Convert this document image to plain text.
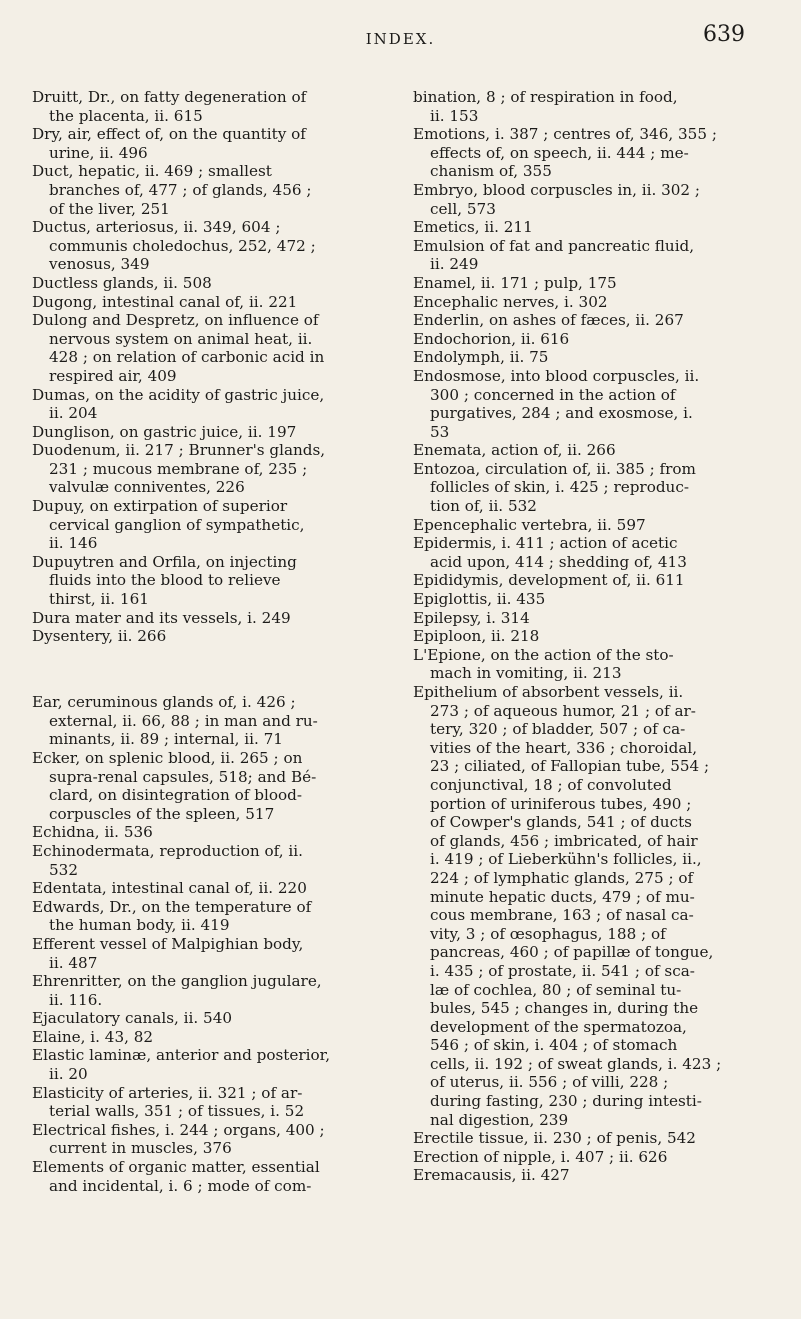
INDEX.	639

Druitt, Dr., on fatty degeneration of
the placenta, ii. 615

Dry, air, effect of, on the quantity of
urine, ii. 496

Duct, hepatic, ii. 469 ; smallest
branches of, 477 ; of glands, 456 ;
of the liver, 251

Ductus, arteriosus, ii. 349, 604 ;
communis choledochus, 252, 472 ;
venosus, 349

Ductless glands, ii. 508

Dugong, intestinal canal of, ii. 221

Dulong and Despretz, on influence of
nervous system on animal heat, ii.
428 ; on relation of carbonic acid in
respired air, 409

Dumas, on the acidity of gastric juice,
ii. 204

Dunglison, on gastric juice, ii. 197

Duodenum, ii. 217 ; Brunner's glands,
231 ; mucous membrane of, 235 ;
valvulæ conniventes, 226

Dupuy, on extirpation of superior
cervical ganglion of sympathetic,
ii. 146

Dupuytren and Orfila, on injecting
fluids into the blood to relieve
thirst, ii. 161

Dura mater and its vessels, i. 249

Dysentery, ii. 266

Ear, ceruminous glands of, i. 426 ;
external, ii. 66, 88 ; in man and ru-
minants, ii. 89 ; internal, ii. 71

Ecker, on splenic blood, ii. 265 ; on
supra-renal capsules, 518; and Bé-
clard, on disintegration of blood-
corpuscles of the spleen, 517

Echidna, ii. 536

Echinodermata, reproduction of, ii.
532

Edentata, intestinal canal of, ii. 220

Edwards, Dr., on the temperature of
the human body, ii. 419

Efferent vessel of Malpighian body,
ii. 487

Ehrenritter, on the ganglion jugulare,
ii. 116.

Ejaculatory canals, ii. 540

Elaine, i. 43, 82

Elastic laminæ, anterior and posterior,
ii. 20

Elasticity of arteries, ii. 321 ; of ar-
terial walls, 351 ; of tissues, i. 52

Electrical fishes, i. 244 ; organs, 400 ;
current in muscles, 376

Elements of organic matter, essential
and incidental, i. 6 ; mode of com-

bination, 8 ; of respiration in food,
ii. 153

Emotions, i. 387 ; centres of, 346, 355 ;
effects of, on speech, ii. 444 ; me-
chanism of, 355

Embryo, blood corpuscles in, ii. 302 ;
cell, 573

Emetics, ii. 211

Emulsion of fat and pancreatic fluid,
ii. 249

Enamel, ii. 171 ; pulp, 175

Encephalic nerves, i. 302

Enderlin, on ashes of fæces, ii. 267

Endochorion, ii. 616

Endolymph, ii. 75

Endosmose, into blood corpuscles, ii.
300 ; concerned in the action of
purgatives, 284 ; and exosmose, i.
53

Enemata, action of, ii. 266

Entozoa, circulation of, ii. 385 ; from
follicles of skin, i. 425 ; reproduc-
tion of, ii. 532

Epencephalic vertebra, ii. 597

Epidermis, i. 411 ; action of acetic
acid upon, 414 ; shedding of, 413

Epididymis, development of, ii. 611

Epiglottis, ii. 435

Epilepsy, i. 314

Epiploon, ii. 218

L'Epione, on the action of the sto-
mach in vomiting, ii. 213

Epithelium of absorbent vessels, ii.
273 ; of aqueous humor, 21 ; of ar-
tery, 320 ; of bladder, 507 ; of ca-
vities of the heart, 336 ; choroidal,
23 ; ciliated, of Fallopian tube, 554 ;
conjunctival, 18 ; of convoluted
portion of uriniferous tubes, 490 ;
of Cowper's glands, 541 ; of ducts
of glands, 456 ; imbricated, of hair
i. 419 ; of Lieberkühn's follicles, ii.,
224 ; of lymphatic glands, 275 ; of
minute hepatic ducts, 479 ; of mu-
cous membrane, 163 ; of nasal ca-
vity, 3 ; of œsophagus, 188 ; of
pancreas, 460 ; of papillæ of tongue,
i. 435 ; of prostate, ii. 541 ; of sca-
læ of cochlea, 80 ; of seminal tu-
bules, 545 ; changes in, during the
development of the spermatozoa,
546 ; of skin, i. 404 ; of stomach
cells, ii. 192 ; of sweat glands, i. 423 ;
of uterus, ii. 556 ; of villi, 228 ;
during fasting, 230 ; during intesti-
nal digestion, 239

Erectile tissue, ii. 230 ; of penis, 542

Erection of nipple, i. 407 ; ii. 626

Eremacausis, ii. 427
